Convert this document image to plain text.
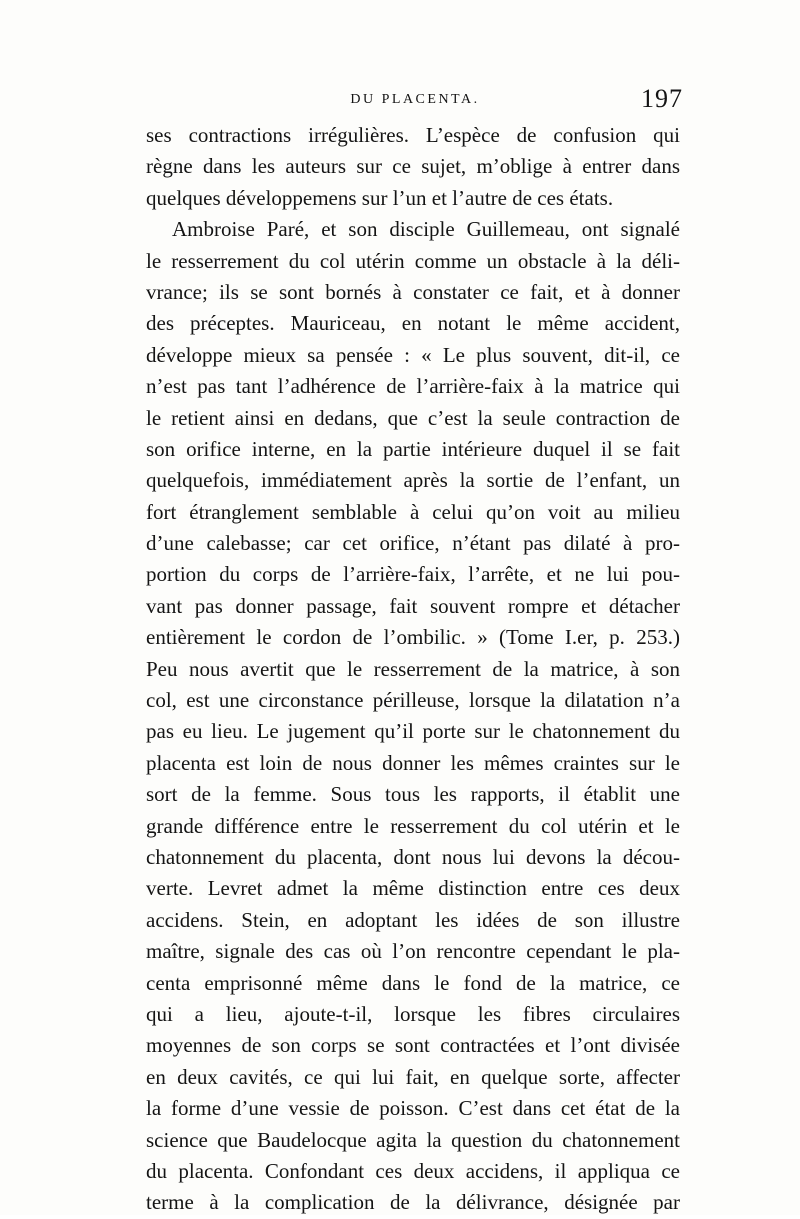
DU PLACENTA.	197
ses contractions irrégulières. L’espèce de confusion qui
règne dans les auteurs sur ce sujet, m’oblige à entrer dans
quelques développemens sur l’un et l’autre de ces états.
Ambroise Paré, et son disciple Guillemeau, ont signalé
le resserrement du col utérin comme un obstacle à la déli-
vrance; ils se sont bornés à constater ce fait, et à donner
des préceptes. Mauriceau, en notant le même accident,
développe mieux sa pensée : « Le plus souvent, dit-il, ce
n’est pas tant l’adhérence de l’arrière-faix à la matrice qui
le retient ainsi en dedans, que c’est la seule contraction de
son orifice interne, en la partie intérieure duquel il se fait
quelquefois, immédiatement après la sortie de l’enfant, un
fort étranglement semblable à celui qu’on voit au milieu
d’une calebasse; car cet orifice, n’étant pas dilaté à pro-
portion du corps de l’arrière-faix, l’arrête, et ne lui pou-
vant pas donner passage, fait souvent rompre et détacher
entièrement le cordon de l’ombilic. » (Tome I.er, p. 253.)
Peu nous avertit que le resserrement de la matrice, à son
col, est une circonstance périlleuse, lorsque la dilatation n’a
pas eu lieu. Le jugement qu’il porte sur le chatonnement du
placenta est loin de nous donner les mêmes craintes sur le
sort de la femme. Sous tous les rapports, il établit une
grande différence entre le resserrement du col utérin et le
chatonnement du placenta, dont nous lui devons la décou-
verte. Levret admet la même distinction entre ces deux
accidens. Stein, en adoptant les idées de son illustre
maître, signale des cas où l’on rencontre cependant le pla-
centa emprisonné même dans le fond de la matrice, ce
qui a lieu, ajoute-t-il, lorsque les fibres circulaires
moyennes de son corps se sont contractées et l’ont divisée
en deux cavités, ce qui lui fait, en quelque sorte, affecter
la forme d’une vessie de poisson. C’est dans cet état de la
science que Baudelocque agita la question du chatonnement
du placenta. Confondant ces deux accidens, il appliqua ce
terme à la complication de la délivrance, désignée par
